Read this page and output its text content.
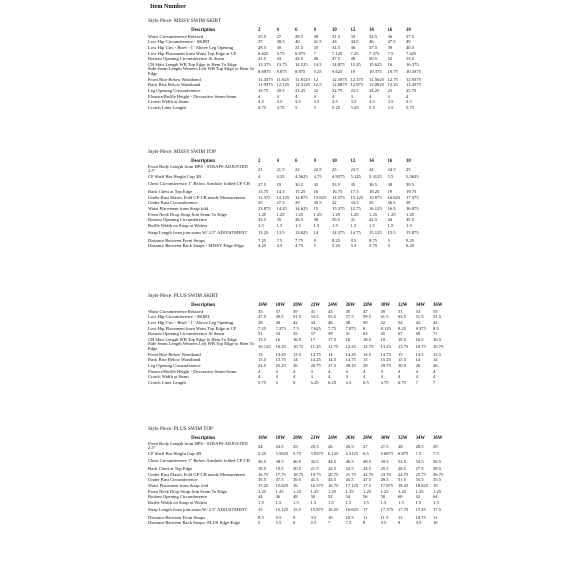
Item Number
Style Piece: MISSY SWIM SKIRT
Description	2	4	6	8	10	12	14	16	18
Waist Circumference Relaxed	25.5	27	28.5	30	31.5	33	34.5	36	37.5
Low Hip Circumference - SKIRT	37	38.5	40	41.5	43	44.5	46	47.5	49
Low Hip Circ - Brief - 1" Above Leg Opening	28.5	30	31.5	33	34.5	36	37.5	39	40.5
Low Hip Placement from Waist Top Edge at CF	6.625	6.75	6.875	7	7.125	7.25	7.375	7.5	7.625
Bottom Opening Circumference At Seam	41.5	43	44.5	46	47.5	49	50.5	52	53.5
CB Skirt Length WB Top Edge to Hem To Edge	13.375	13.75	14.125	14.5	14.875	15.25	15.625	16	16.375
Side Seam Length Wearers Left WB Top Edge to Hem To Edge	8.6875	8.875	8.875	9.25	9.625	10	10.375	10.75	10.1875
Front Rise Below Waistband	11.4375	11.625	11.8125	12	12.1875	12.375	12.5625	12.75	12.9375
Back Rise Below Waistband	11.9375	12.125	12.3125	12.5	12.6875	12.875	13.0625	13.25	13.4375
Leg Opening Circumference	19.75	20.5	21.25	22	22.75	23.5	24.25	25	25.75
Flounce/Ruffle Height - Decorative Seam-Seam	4	4	4	4	4	4	4	4	4
Crotch Width at Seam	3.5	3.5	3.5	3.5	3.5	3.5	3.5	3.5	3.5
Crotch Liner Length	4.75	4.75	5	5	5.25	5.25	5.5	5.5	5.75
Style Piece: MISSY SWIM TOP
Description	2	4	6	8	10	12	14	16	18
Front Body Length from HPS - STRAPS ADJUSTED 2.5"	21	21.5	22	22.5	23	23.5	24	24.5	25
CF Shelf Bra Height Cup 2B	4	4.25	4.5625	4.75	4.9375	5.125	5.3125	5.5	5.5625
Chest Circumference 1" Below Armhole folded CF-CB	27.5	29	30.5	32	33.5	35	36.5	38	39.5
Back Chest at Top Edge	13.75	14.5	15.25	16	16.75	17.5	18.25	19	19.75
Under Bust Elastic Fold CF-CB inside Measurement	11.375	12.125	12.875	13.625	14.375	15.125	15.875	16.625	17.375
Under Bust Circumference	25	27.5	29	30.5	32	33.5	35	36.5	38
Waist Placement from Strap fold	13.875	14.25	14.625	15	15.375	15.75	16.125	16.5	16.875
Front Neck Drop Strap Join Seam To Edge	1.25	1.25	1.25	1.25	1.25	1.25	1.25	1.25	1.25
Bottom Opening Circumference	33.5	35	36.5	38	39.5	41	42.5	44	45.5
Ruffle Width on Strap at Widest	1.5	1.5	1.5	1.5	1.5	1.5	1.5	1.5	1.5
Strap Length from join seam W/ 2.5" ADJUSTMENT	13.25	13.5	13.625	14	14.375	14.75	15.125	15.5	15.875
Distance Between Front Straps	7.25	7.5	7.75	8	8.25	8.5	8.75	9	9.25
Distance Between Back Straps - MISSY Edge-Edge	4.25	4.5	4.75	5	5.25	5.5	5.75	6	6.25
Style Piece: PLUS SWIM SKIRT
Description	16W	18W	20W	22W	24W	26W	28W	30W	32W	34W	36W
Waist Circumference Relaxed	35	37	39	41	43	45	47	49	51	53	55
Low Hip Circumference - SKIRT	47.5	49.5	51.5	53.5	55.5	57.5	59.5	61.5	63.5	51.5	51.5
Low Hip Circ - Brief - 1" Above Leg Opening	38	40	42	44	46	48	50	52	54	42	42
Low Hip Placement from Waist Top Edge at CF	7.25	7.375	7.5	7.625	7.75	7.875	8	8.125	8.25	8.375	8.5
Bottom Opening Circumference At Seam	51	53	55	57	59	61	63	65	67	69	71
CB Skirt Length WB Top Edge to Hem To Edge	15.5	16	16.5	17	17.5	18	18.5	19	19.5	16.5	16.5
Side Seam Length Wearers Left WB Top Edge to Hem To Edge	10.125	10.25	10.75	11.25	11.75	12.25	12.75	13.25	13.75	10.75	10.75
Front Rise Below Waistband	13	13.25	13.5	13.75	14	14.25	14.5	14.75	15	13.5	13.5
Back Rise Below Waistband	13.5	13.75	14	14.25	14.5	14.75	15	15.25	15.5	14	14
Leg Opening Circumference	24.5	25.25	26	26.75	27.5	28.25	29	29.75	30.5	26	26
Flounce/Ruffle Height - Decorative Seam-Seam	4	4	4	4	4	4	4	4	4	4	4
Crotch Width at Seam	4	4	4	4	4	4	4	4	4	4	4
Crotch Liner Length	5.75	6	6	6.25	6.25	6.5	6.5	6.75	6.75	7	7
Style Piece: PLUS SWIM TOP
Description	16W	18W	20W	22W	24W	26W	28W	30W	32W	34W	36W
Front Body Length from HPS - STRAPS ADJUSTED 2.5"	24	24.5	25	25.5	26	26.5	27	27.5	28	28.5	29
CF Shelf Bra Height Cup 2B	5.25	5.5625	5.75	5.9375	6.125	6.3125	6.5	6.6875	6.875	7.5	7.5
Chest Circumference 1" Below Armhole folded CF-CB	36.5	38.5	40.5	42.5	44.5	46.5	48.5	50.5	52.5	54.5	56.5
Back Chest at Top Edge	18.5	19.5	20.5	21.5	22.5	23.5	24.5	25.5	26.5	27.5	28.5
Under Bust Elastic Fold CF-CB inside Measurement	16.75	17.75	18.75	19.75	20.75	21.75	22.75	23.75	24.75	25.75	26.75
Under Bust Circumference	35.5	37.5	39.5	41.5	43.5	45.5	47.5	49.5	51.5	53.5	55.5
Waist Placement from Strap fold	15.25	15.625	16	16.375	16.75	17.125	17.5	17.875	18.25	18.625	19
Front Neck Drop Strap Join Seam To Edge	1.25	1.25	1.25	1.25	1.25	1.25	1.25	1.25	1.25	1.25	1.25
Bottom Opening Circumference	44	46	48	50	52	54	56	58	60	62	64
Ruffle Width on Strap at Widest	1.5	1.5	1.5	1.5	1.5	1.5	1.5	1.5	1.5	1.5	1.5
Strap Length from join seam W/ 2.5" ADJUSTMENT	15	15.125	15.5	15.875	16.25	16.625	17	17.375	17.75	17.25	17.5
Distance Between Front Straps	8.5	8.5	9	9.5	10	10.5	11	11.5	12	10.75	11
Distance Between Back Straps -PLUS Edge-Edge	5	5.5	6	6.5	7	7.5	8	8.5	9	9.5	10
